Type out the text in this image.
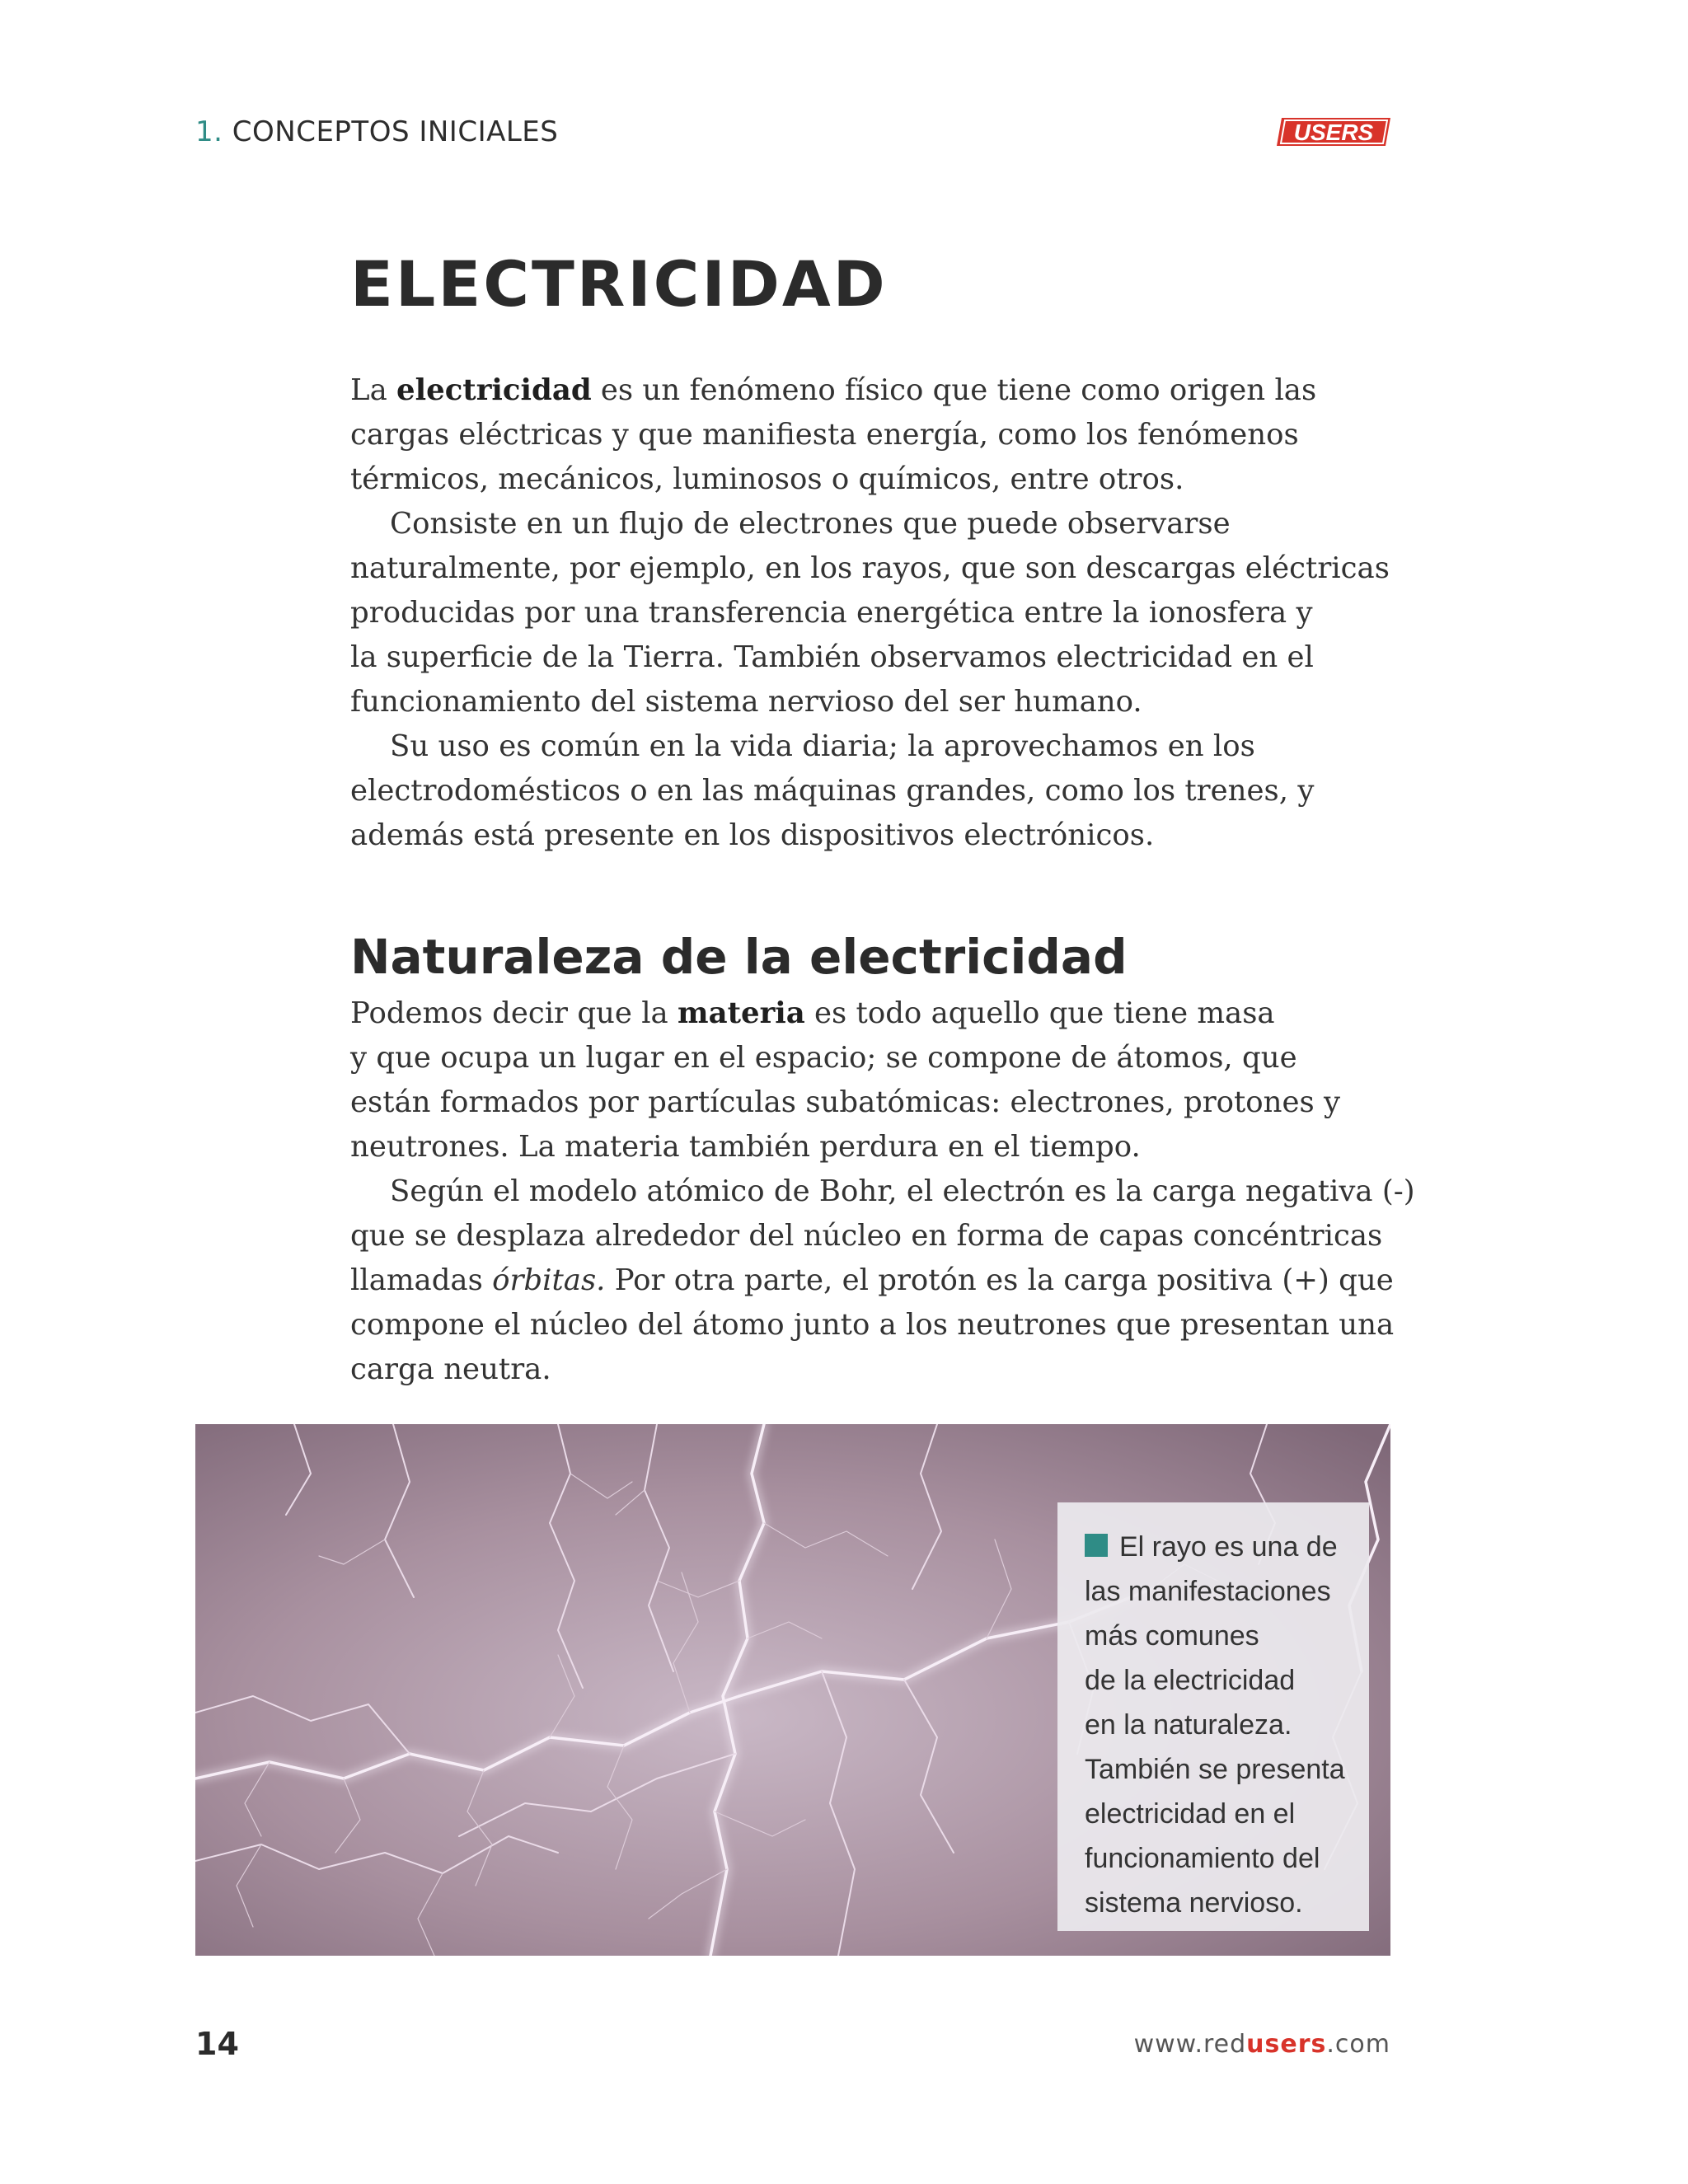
1. CONCEPTOS INICIALES	USERS
ELECTRICIDAD

La electricidad es un fenómeno físico que tiene como origen las
cargas eléctricas y que manifiesta energía, como los fenómenos
térmicos, mecánicos, luminosos o químicos, entre otros.

Consiste en un flujo de electrones que puede observarse
naturalmente, por ejemplo, en los rayos, que son descargas eléctricas
producidas por una transferencia energética entre la ionosfera y
la superficie de la Tierra. También observamos electricidad en el
funcionamiento del sistema nervioso del ser humano.

Su uso es común en la vida diaria; la aprovechamos en los
electrodomésticos o en las máquinas grandes, como los trenes, y
además está presente en los dispositivos electrónicos.

Naturaleza de la electricidad

Podemos decir que la materia es todo aquello que tiene masa
y que ocupa un lugar en el espacio; se compone de átomos, que
están formados por partículas subatómicas: electrones, protones y
neutrones. La materia también perdura en el tiempo.

Según el modelo atómico de Bohr, el electrón es la carga negativa (-)
que se desplaza alrededor del núcleo en forma de capas concéntricas
llamadas órbitas. Por otra parte, el protón es la carga positiva (+) que
compone el núcleo del átomo junto a los neutrones que presentan una
carga neutra.

El rayo es una de
las manifestaciones
más comunes
de la electricidad
en la naturaleza.
También se presenta
electricidad en el
funcionamiento del
sistema nervioso.
14	www.redusers.com
